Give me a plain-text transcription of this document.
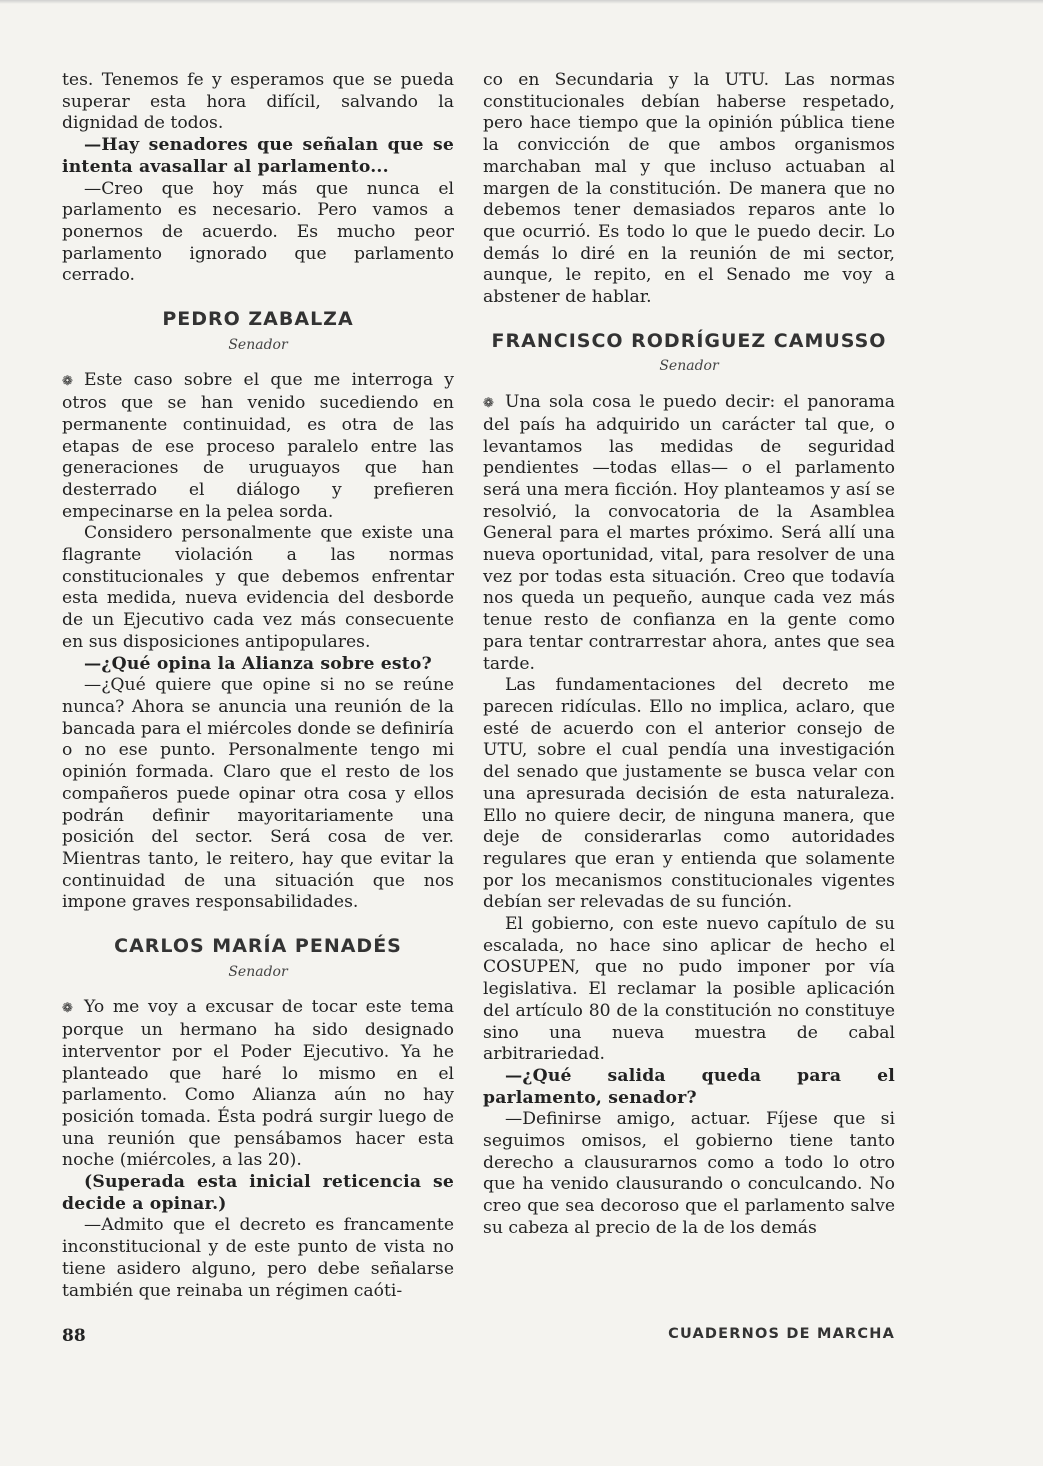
tes. Tenemos fe y esperamos que se pueda superar esta hora difícil, salvando la dignidad de todos.

—Hay senadores que señalan que se intenta avasallar al parlamento...

—Creo que hoy más que nunca el parlamento es necesario. Pero vamos a ponernos de acuerdo. Es mucho peor parlamento ignorado que parlamento cerrado.

PEDRO ZABALZA
Senador

❁ Este caso sobre el que me interroga y otros que se han venido sucediendo en permanente continuidad, es otra de las etapas de ese proceso paralelo entre las generaciones de uruguayos que han desterrado el diálogo y prefieren empecinarse en la pelea sorda.

Considero personalmente que existe una flagrante violación a las normas constitucionales y que debemos enfrentar esta medida, nueva evidencia del desborde de un Ejecutivo cada vez más consecuente en sus disposiciones antipopulares.

—¿Qué opina la Alianza sobre esto?

—¿Qué quiere que opine si no se reúne nunca? Ahora se anuncia una reunión de la bancada para el miércoles donde se definiría o no ese punto. Personalmente tengo mi opinión formada. Claro que el resto de los compañeros puede opinar otra cosa y ellos podrán definir mayoritariamente una posición del sector. Será cosa de ver. Mientras tanto, le reitero, hay que evitar la continuidad de una situación que nos impone graves responsabilidades.

CARLOS MARÍA PENADÉS
Senador

❁ Yo me voy a excusar de tocar este tema porque un hermano ha sido designado interventor por el Poder Ejecutivo. Ya he planteado que haré lo mismo en el parlamento. Como Alianza aún no hay posición tomada. Ésta podrá surgir luego de una reunión que pensábamos hacer esta noche (miércoles, a las 20).

(Superada esta inicial reticencia se decide a opinar.)

—Admito que el decreto es francamente inconstitucional y de este punto de vista no tiene asidero alguno, pero debe señalarse también que reinaba un régimen caóti-

co en Secundaria y la UTU. Las normas constitucionales debían haberse respetado, pero hace tiempo que la opinión pública tiene la convicción de que ambos organismos marchaban mal y que incluso actuaban al margen de la constitución. De manera que no debemos tener demasiados reparos ante lo que ocurrió. Es todo lo que le puedo decir. Lo demás lo diré en la reunión de mi sector, aunque, le repito, en el Senado me voy a abstener de hablar.

FRANCISCO RODRÍGUEZ CAMUSSO
Senador

❁ Una sola cosa le puedo decir: el panorama del país ha adquirido un carácter tal que, o levantamos las medidas de seguridad pendientes —todas ellas— o el parlamento será una mera ficción. Hoy planteamos y así se resolvió, la convocatoria de la Asamblea General para el martes próximo. Será allí una nueva oportunidad, vital, para resolver de una vez por todas esta situación. Creo que todavía nos queda un pequeño, aunque cada vez más tenue resto de confianza en la gente como para tentar contrarrestar ahora, antes que sea tarde.

Las fundamentaciones del decreto me parecen ridículas. Ello no implica, aclaro, que esté de acuerdo con el anterior consejo de UTU, sobre el cual pendía una investigación del senado que justamente se busca velar con una apresurada decisión de esta naturaleza. Ello no quiere decir, de ninguna manera, que deje de considerarlas como autoridades regulares que eran y entienda que solamente por los mecanismos constitucionales vigentes debían ser relevadas de su función.

El gobierno, con este nuevo capítulo de su escalada, no hace sino aplicar de hecho el COSUPEN, que no pudo imponer por vía legislativa. El reclamar la posible aplicación del artículo 80 de la constitución no constituye sino una nueva muestra de cabal arbitrariedad.

—¿Qué salida queda para el parlamento, senador?

—Definirse amigo, actuar. Fíjese que si seguimos omisos, el gobierno tiene tanto derecho a clausurarnos como a todo lo otro que ha venido clausurando o conculcando. No creo que sea decoroso que el parlamento salve su cabeza al precio de la de los demás

88	CUADERNOS DE MARCHA
